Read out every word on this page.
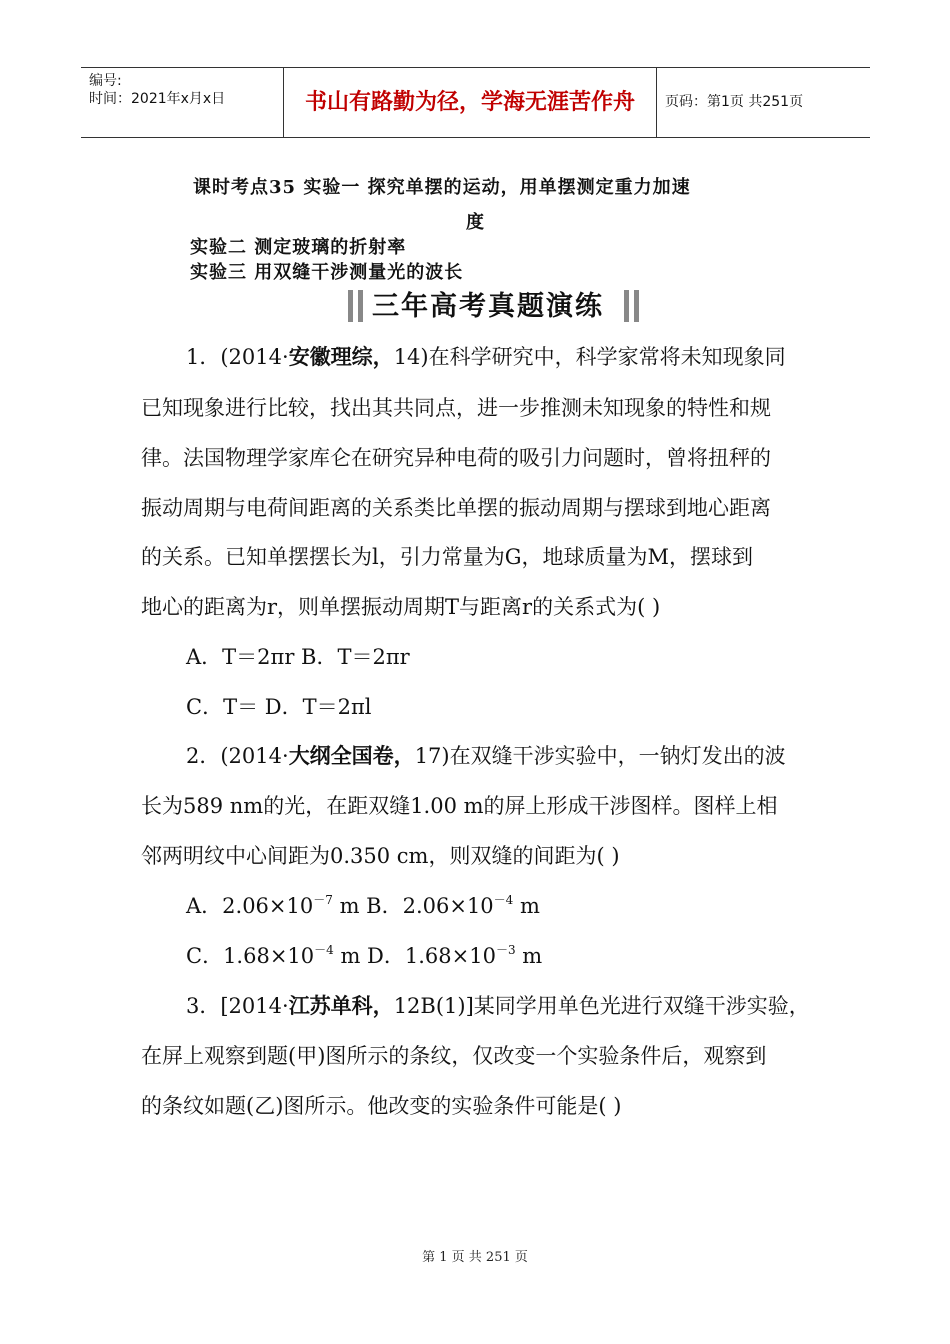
编号:
时间：2021年x月x日	书山有路勤为径，学海无涯苦作舟	页码：第1页 共251页
课时考点35 实验一 探究单摆的运动，用单摆测定重力加速
度
实验二 测定玻璃的折射率
实验三 用双缝干涉测量光的波长
三年高考真题演练
1．(2014·安徽理综，14)在科学研究中，科学家常将未知现象同
已知现象进行比较，找出其共同点，进一步推测未知现象的特性和规
律。法国物理学家库仑在研究异种电荷的吸引力问题时，曾将扭秤的
振动周期与电荷间距离的关系类比单摆的振动周期与摆球到地心距离
的关系。已知单摆摆长为l，引力常量为G，地球质量为M，摆球到
地心的距离为r，则单摆振动周期T与距离r的关系式为( )
A．T＝2πr B．T＝2πr
C．T＝ D．T＝2πl
2．(2014·大纲全国卷，17)在双缝干涉实验中，一钠灯发出的波
长为589 nm的光，在距双缝1.00 m的屏上形成干涉图样。图样上相
邻两明纹中心间距为0.350 cm，则双缝的间距为( )
A．$2.06\times 10^{-7}$ m B．$2.06\times 10^{-4}$ m
C．$1.68\times 10^{-4}$ m D．$1.68\times 10^{-3}$ m
3．[2014·江苏单科，12B(1)]某同学用单色光进行双缝干涉实验，
在屏上观察到题(甲)图所示的条纹，仅改变一个实验条件后，观察到
的条纹如题(乙)图所示。他改变的实验条件可能是( )
第 1 页 共 251 页
